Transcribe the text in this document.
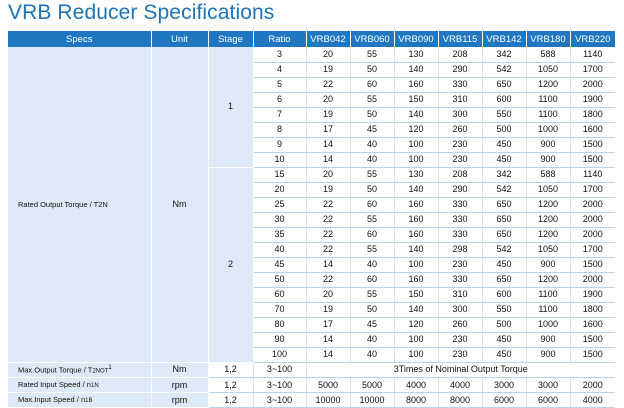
VRB Reducer Specifications
Specs	Unit	Stage	Ratio	VRB042	VRB060	VRB090	VRB115	VRB142	VRB180	VRB220
Rated Output Torque / T2N	Nm	1	3	20	55	130	208	342	588	1140
			4	19	50	140	290	542	1050	1700
			5	22	60	160	330	650	1200	2000
			6	20	55	150	310	600	1100	1900
			7	19	50	140	300	550	1100	1800
			8	17	45	120	260	500	1000	1600
			9	14	40	100	230	450	900	1500
			10	14	40	100	230	450	900	1500
		2	15	20	55	130	208	342	588	1140
			20	19	50	140	290	542	1050	1700
			25	22	60	160	330	650	1200	2000
			30	22	55	160	330	650	1200	2000
			35	22	60	160	330	650	1200	2000
			40	22	55	140	298	542	1050	1700
			45	14	40	100	230	450	900	1500
			50	22	60	160	330	650	1200	2000
			60	20	55	150	310	600	1100	1900
			70	19	50	140	300	550	1100	1800
			80	17	45	120	260	500	1000	1600
			90	14	40	100	230	450	900	1500
			100	14	40	100	230	450	900	1500
Max.Output Torque / T2NOT$^1$	Nm	1,2	3~100	3Times of Nominal Output Torque						
Rated Input Speed / n1N	rpm	1,2	3~100	5000	5000	4000	4000	3000	3000	2000
Max.Input Speed / n1B	rpm	1,2	3~100	10000	10000	8000	8000	6000	6000	4000
